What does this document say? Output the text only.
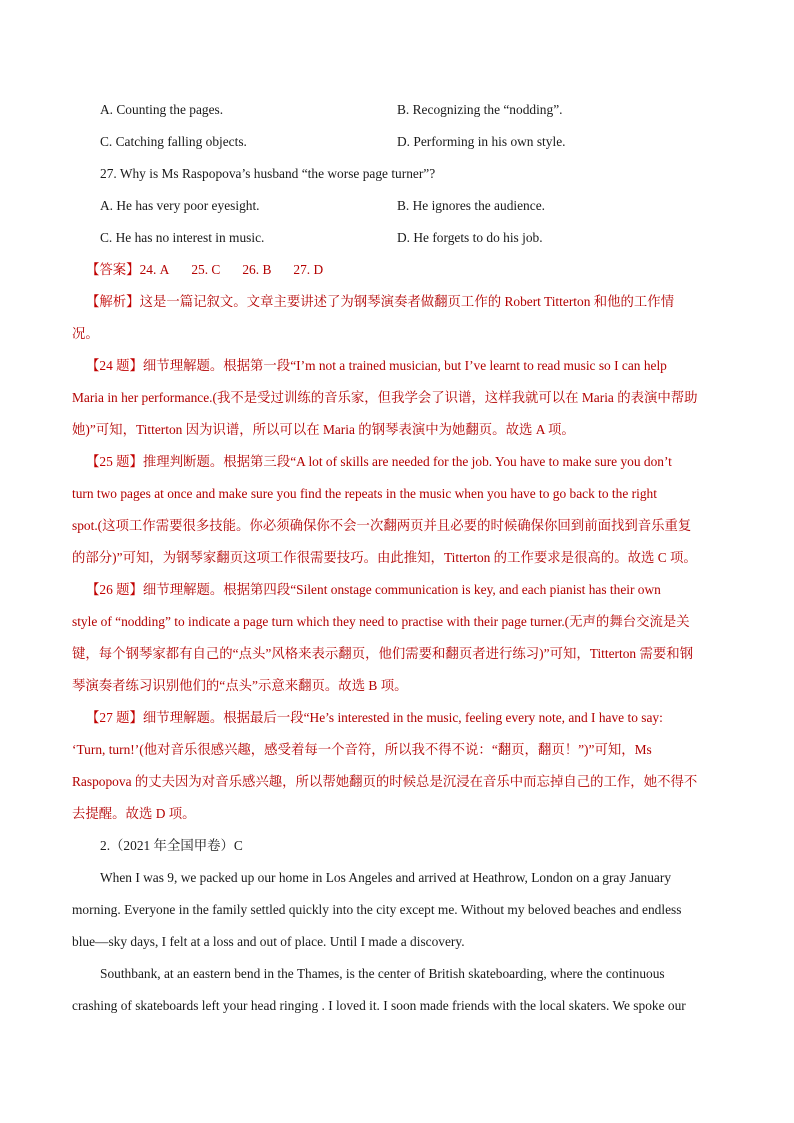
A. Counting the pages.	B. Recognizing the “nodding”.
C. Catching falling objects.	D. Performing in his own style.
27. Why is Ms Raspopova’s husband “the worse page turner”?
A. He has very poor eyesight.	B. He ignores the audience.
C. He has no interest in music.	D. He forgets to do his job.
【答案】24. A 25. C 26. B 27. D
【解析】这是一篇记叙文。文章主要讲述了为钢琴演奏者做翻页工作的 Robert Titterton 和他的工作情
况。
【24 题】细节理解题。根据第一段“I’m not a trained musician, but I’ve learnt to read music so I can help
Maria in her performance.(我不是受过训练的音乐家，但我学会了识谱，这样我就可以在 Maria 的表演中帮助
她)”可知，Titterton 因为识谱，所以可以在 Maria 的钢琴表演中为她翻页。故选 A 项。
【25 题】推理判断题。根据第三段“A lot of skills are needed for the job. You have to make sure you don’t
turn two pages at once and make sure you find the repeats in the music when you have to go back to the right
spot.(这项工作需要很多技能。你必须确保你不会一次翻两页并且必要的时候确保你回到前面找到音乐重复
的部分)”可知，为钢琴家翻页这项工作很需要技巧。由此推知，Titterton 的工作要求是很高的。故选 C 项。
【26 题】细节理解题。根据第四段“Silent onstage communication is key, and each pianist has their own
style of “nodding” to indicate a page turn which they need to practise with their page turner.(无声的舞台交流是关
键，每个钢琴家都有自己的“点头”风格来表示翻页，他们需要和翻页者进行练习)”可知，Titterton 需要和钢
琴演奏者练习识别他们的“点头”示意来翻页。故选 B 项。
【27 题】细节理解题。根据最后一段“He’s interested in the music, feeling every note, and I have to say:
‘Turn, turn!’(他对音乐很感兴趣，感受着每一个音符，所以我不得不说：“翻页，翻页！”)”可知，Ms
Raspopova 的丈夫因为对音乐感兴趣，所以帮她翻页的时候总是沉浸在音乐中而忘掉自己的工作，她不得不
去提醒。故选 D 项。
2.（2021 年全国甲卷）C
When I was 9, we packed up our home in Los Angeles and arrived at Heathrow, London on a gray January
morning. Everyone in the family settled quickly into the city except me. Without my beloved beaches and endless
blue—sky days, I felt at a loss and out of place. Until I made a discovery.
Southbank, at an eastern bend in the Thames, is the center of British skateboarding, where the continuous
crashing of skateboards left your head ringing . I loved it. I soon made friends with the local skaters. We spoke our
